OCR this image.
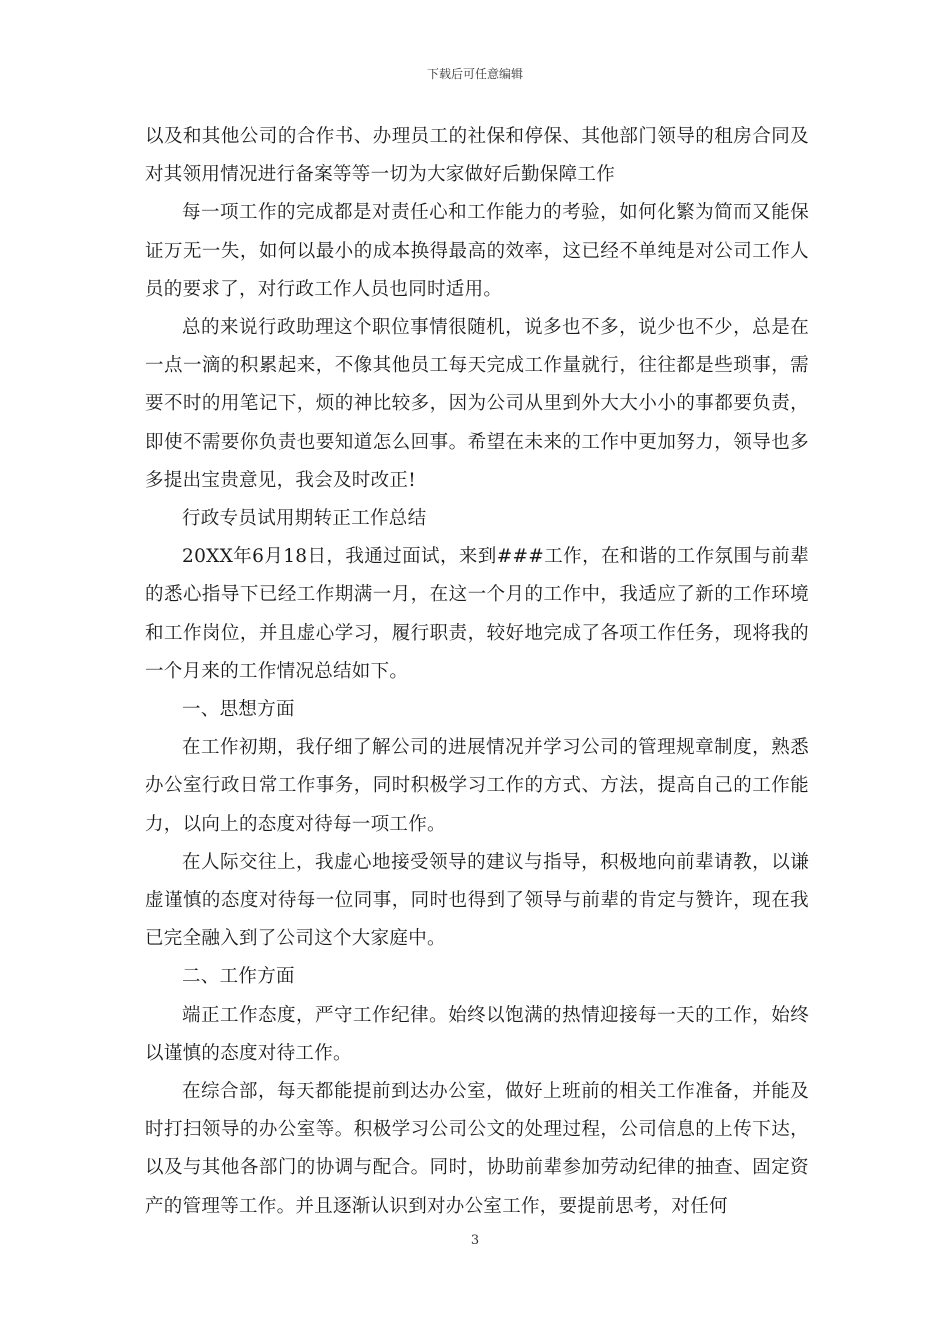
下载后可任意编辑

以及和其他公司的合作书、办理员工的社保和停保、其他部门领导的租房合同及对其领用情况进行备案等等一切为大家做好后勤保障工作

每一项工作的完成都是对责任心和工作能力的考验，如何化繁为简而又能保证万无一失，如何以最小的成本换得最高的效率，这已经不单纯是对公司工作人员的要求了，对行政工作人员也同时适用。

总的来说行政助理这个职位事情很随机，说多也不多，说少也不少，总是在一点一滴的积累起来，不像其他员工每天完成工作量就行，往往都是些琐事，需要不时的用笔记下，烦的神比较多，因为公司从里到外大大小小的事都要负责，即使不需要你负责也要知道怎么回事。希望在未来的工作中更加努力，领导也多多提出宝贵意见，我会及时改正!

行政专员试用期转正工作总结

20XX年6月18日，我通过面试，来到###工作，在和谐的工作氛围与前辈的悉心指导下已经工作期满一月，在这一个月的工作中，我适应了新的工作环境和工作岗位，并且虚心学习，履行职责，较好地完成了各项工作任务，现将我的一个月来的工作情况总结如下。

一、思想方面

在工作初期，我仔细了解公司的进展情况并学习公司的管理规章制度，熟悉办公室行政日常工作事务，同时积极学习工作的方式、方法，提高自己的工作能力，以向上的态度对待每一项工作。

在人际交往上，我虚心地接受领导的建议与指导，积极地向前辈请教，以谦虚谨慎的态度对待每一位同事，同时也得到了领导与前辈的肯定与赞许，现在我已完全融入到了公司这个大家庭中。

二、工作方面

端正工作态度，严守工作纪律。始终以饱满的热情迎接每一天的工作，始终以谨慎的态度对待工作。

在综合部，每天都能提前到达办公室，做好上班前的相关工作准备，并能及时打扫领导的办公室等。积极学习公司公文的处理过程，公司信息的上传下达，以及与其他各部门的协调与配合。同时，协助前辈参加劳动纪律的抽查、固定资产的管理等工作。并且逐渐认识到对办公室工作，要提前思考，对任何

3
